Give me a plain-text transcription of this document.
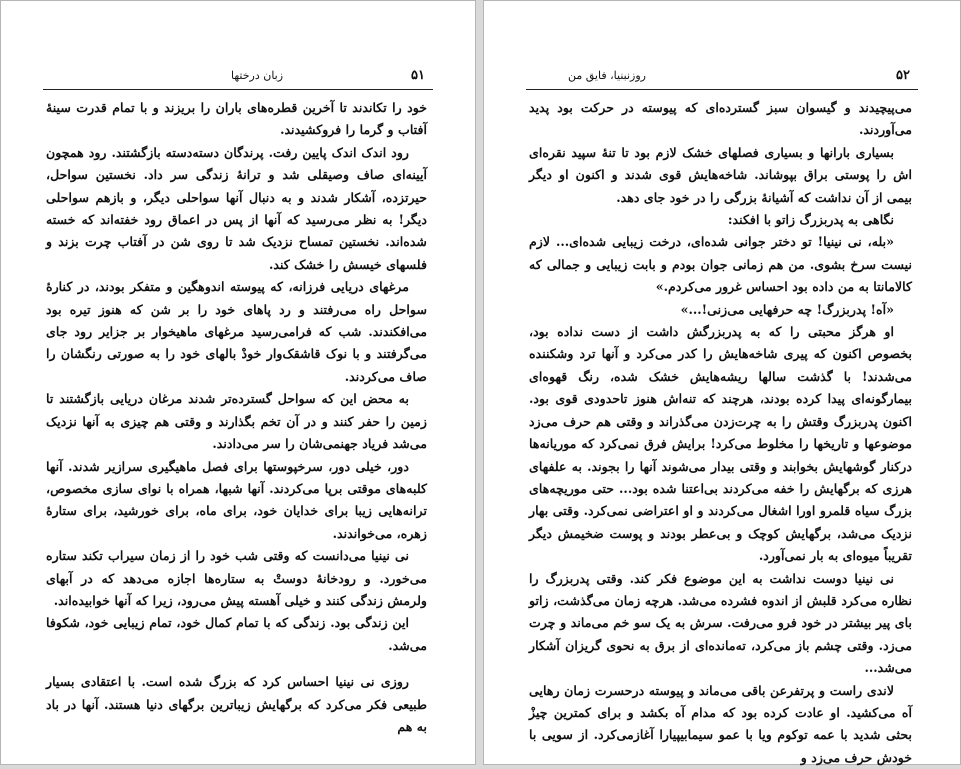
۵۱
زبان درختها

خود را تکاندند تا آخرین قطره‌های باران را بریزند و با تمام قدرت سینهٔ آفتاب و گرما را فروکشیدند.

رود اندک اندک پایین رفت. پرندگان دسته‌دسته بازگشتند. رود همچون آیینه‌ای صاف وصیقلی شد و ترانهٔ زندگی سر داد. نخستین سواحل، حیرتزده، آشکار شدند و به دنبال آنها سواحلی دیگر، و بازهم سواحلی دیگر! به نظر می‌رسید که آنها از پس در اعماق رود خفته‌اند که خسته شده‌اند. نخستین تمساح نزدیک شد تا روی شن در آفتاب چرت بزند و فلسهای خیسش را خشک کند.

مرغهای دریایی فرزانه، که پیوسته اندوهگین و متفکر بودند، در کنارهٔ سواحل راه می‌رفتند و رد پاهای خود را بر شن که هنوز تیره بود می‌افکندند. شب که فرامی‌رسید مرغهای ماهیخوار بر جزایر رود جای می‌گرفتند و با نوک قاشقک‌وار خودْ بالهای خود را به صورتی رنگشان را صاف می‌کردند.

به محض این که سواحل گسترده‌تر شدند مرغان دریایی بازگشتند تا زمین را حفر کنند و در آن تخم بگذارند و وقتی هم چیزی به آنها نزدیک می‌شد فریاد جهنمی‌شان را سر می‌دادند.

دور، خیلی دور، سرخپوستها برای فصل ماهیگیری سرازیر شدند. آنها کلبه‌های موقتی برپا می‌کردند. آنها شبها، همراه با نوای سازی مخصوص، ترانه‌هایی زیبا برای خدایان خود، برای ماه، برای خورشید، برای ستارهٔ زهره، می‌خواندند.

نی نینیا می‌دانست که وقتی شب خود را از زمان سیراب تکند ستاره می‌خورد. و رودخانهٔ دوستْ به ستاره‌ها اجازه می‌دهد که در آبهای ولرمش زندگی کنند و خیلی آهسته پیش می‌رود، زیرا که آنها خوابیده‌اند.

این زندگی بود. زندگی که با تمام کمال خود، تمام زیبایی خود، شکوفا می‌شد.

روزی نی نینیا احساس کرد که بزرگ شده است. با اعتقادی بسیار طبیعی فکر می‌کرد که برگهایش زیباترین برگهای دنیا هستند. آنها در باد به هم

۵۲
روزنبنیا، فایق من

می‌پیچیدند و گیسوان سبز گسترده‌ای که پیوسته در حرکت بود پدید می‌آوردند.

بسیاری بارانها و بسیاری فصلهای خشک لازم بود تا تنهٔ سپید نقره‌ای اش را پوستی براق بپوشاند. شاخه‌هایش قوی شدند و اکنون او دیگر بیمی از آن نداشت که آشیانهٔ بزرگی را در خود جای دهد.

نگاهی به پدربزرگ زاتو با افکند:

«بله، نی نینیا! تو دختر جوانی شده‌ای، درخت زیبایی شده‌ای... لازم نیست سرخ بشوی. من هم زمانی جوان بودم و بابت زیبایی و جمالی که کالامانتا به من داده بود احساس غرور می‌کردم.»

«آه! پدربزرگ! چه حرفهایی می‌زنی!...»

او هرگز محبتی را که به پدربزرگش داشت از دست نداده بود، بخصوص اکنون که پیری شاخه‌هایش را کدر می‌کرد و آنها ترد وشکننده می‌شدند! با گذشت سالها ریشه‌هایش خشک شده، رنگ قهوه‌ای بیمارگونه‌ای پیدا کرده بودند، هرچند که تنه‌اش هنوز تاحدودی قوی بود. اکنون پدربزرگ وقتش را به چرت‌زدن می‌گذراند و وقتی هم حرف می‌زد موضوعها و تاریخها را مخلوط می‌کرد! برایش فرق نمی‌کرد که موریانه‌ها درکنار گوشهایش بخوابند و وقتی بیدار می‌شوند آنها را بجوند. به علفهای هرزی که برگهایش را خفه می‌کردند بی‌اعتنا شده بود... حتی موریچه‌های بزرگ سیاه قلمرو اورا اشغال می‌کردند و او اعتراضی نمی‌کرد. وقتی بهار نزدیک می‌شد، برگهایش کوچک و بی‌عطر بودند و پوست ضخیمش دیگر تقریباً میوه‌ای به بار نمی‌آورد.

نی نینیا دوست نداشت به این موضوع فکر کند. وقتی پدربزرگ را نظاره می‌کرد قلبش از اندوه فشرده می‌شد. هرچه زمان می‌گذشت، زاتو بای پیر بیشتر در خود فرو می‌رفت. سرش به یک سو خم می‌ماند و چرت می‌زد. وقتی چشم باز می‌کرد، ته‌مانده‌ای از برق به نحوی گریزان آشکار می‌شد...

لاندی راست و پرتفرعن باقی می‌ماند و پیوسته درحسرت زمان رهایی آه می‌کشید. او عادت کرده بود که مدام آه بکشد و برای کمترین چیزْ بحثی شدید با عمه توکوم ویا با عمو سیمابیپیارا آغازمی‌کرد. از سویی با خودش حرف می‌زد و
